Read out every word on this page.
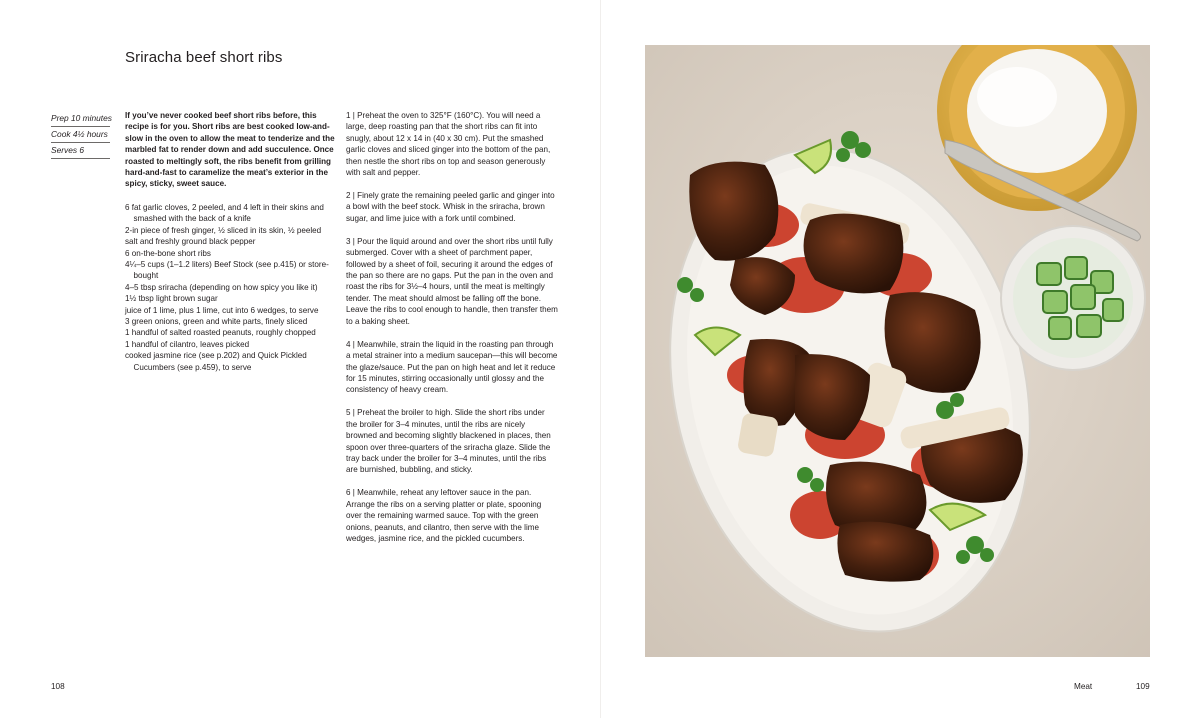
Sriracha beef short ribs
Prep 10 minutes
Cook 4½ hours
Serves 6

If you’ve never cooked beef short ribs before, this recipe is for you. Short ribs are best cooked low-and-slow in the oven to allow the meat to tenderize and the marbled fat to render down and add succulence. Once roasted to meltingly soft, the ribs benefit from grilling hard-and-fast to caramelize the meat’s exterior in the spicy, sticky, sweet sauce.

6 fat garlic cloves, 2 peeled, and 4 left in their skins and smashed with the back of a knife
2-in piece of fresh ginger, ½ sliced in its skin, ½ peeled
salt and freshly ground black pepper
6 on-the-bone short ribs
4¼–5 cups (1–1.2 liters) Beef Stock (see p.415) or store-bought
4–5 tbsp sriracha (depending on how spicy you like it)
1½ tbsp light brown sugar
juice of 1 lime, plus 1 lime, cut into 6 wedges, to serve
3 green onions, green and white parts, finely sliced
1 handful of salted roasted peanuts, roughly chopped
1 handful of cilantro, leaves picked
cooked jasmine rice (see p.202) and Quick Pickled Cucumbers (see p.459), to serve
1 | Preheat the oven to 325°F (160°C). You will need a large, deep roasting pan that the short ribs can fit into snugly, about 12 x 14 in (40 x 30 cm). Put the smashed garlic cloves and sliced ginger into the bottom of the pan, then nestle the short ribs on top and season generously with salt and pepper.
2 | Finely grate the remaining peeled garlic and ginger into a bowl with the beef stock. Whisk in the sriracha, brown sugar, and lime juice with a fork until combined.
3 | Pour the liquid around and over the short ribs until fully submerged. Cover with a sheet of parchment paper, followed by a sheet of foil, securing it around the edges of the pan so there are no gaps. Put the pan in the oven and roast the ribs for 3½–4 hours, until the meat is meltingly tender. The meat should almost be falling off the bone. Leave the ribs to cool enough to handle, then transfer them to a baking sheet.
4 | Meanwhile, strain the liquid in the roasting pan through a metal strainer into a medium saucepan—this will become the glaze/sauce. Put the pan on high heat and let it reduce for 15 minutes, stirring occasionally until glossy and the consistency of heavy cream.
5 | Preheat the broiler to high. Slide the short ribs under the broiler for 3–4 minutes, until the ribs are nicely browned and becoming slightly blackened in places, then spoon over three-quarters of the sriracha glaze. Slide the tray back under the broiler for 3–4 minutes, until the ribs are burnished, bubbling, and sticky.
6 | Meanwhile, reheat any leftover sauce in the pan. Arrange the ribs on a serving platter or plate, spooning over the remaining warmed sauce. Top with the green onions, peanuts, and cilantro, then serve with the lime wedges, jasmine rice, and the pickled cucumbers.
108	Meat	109
